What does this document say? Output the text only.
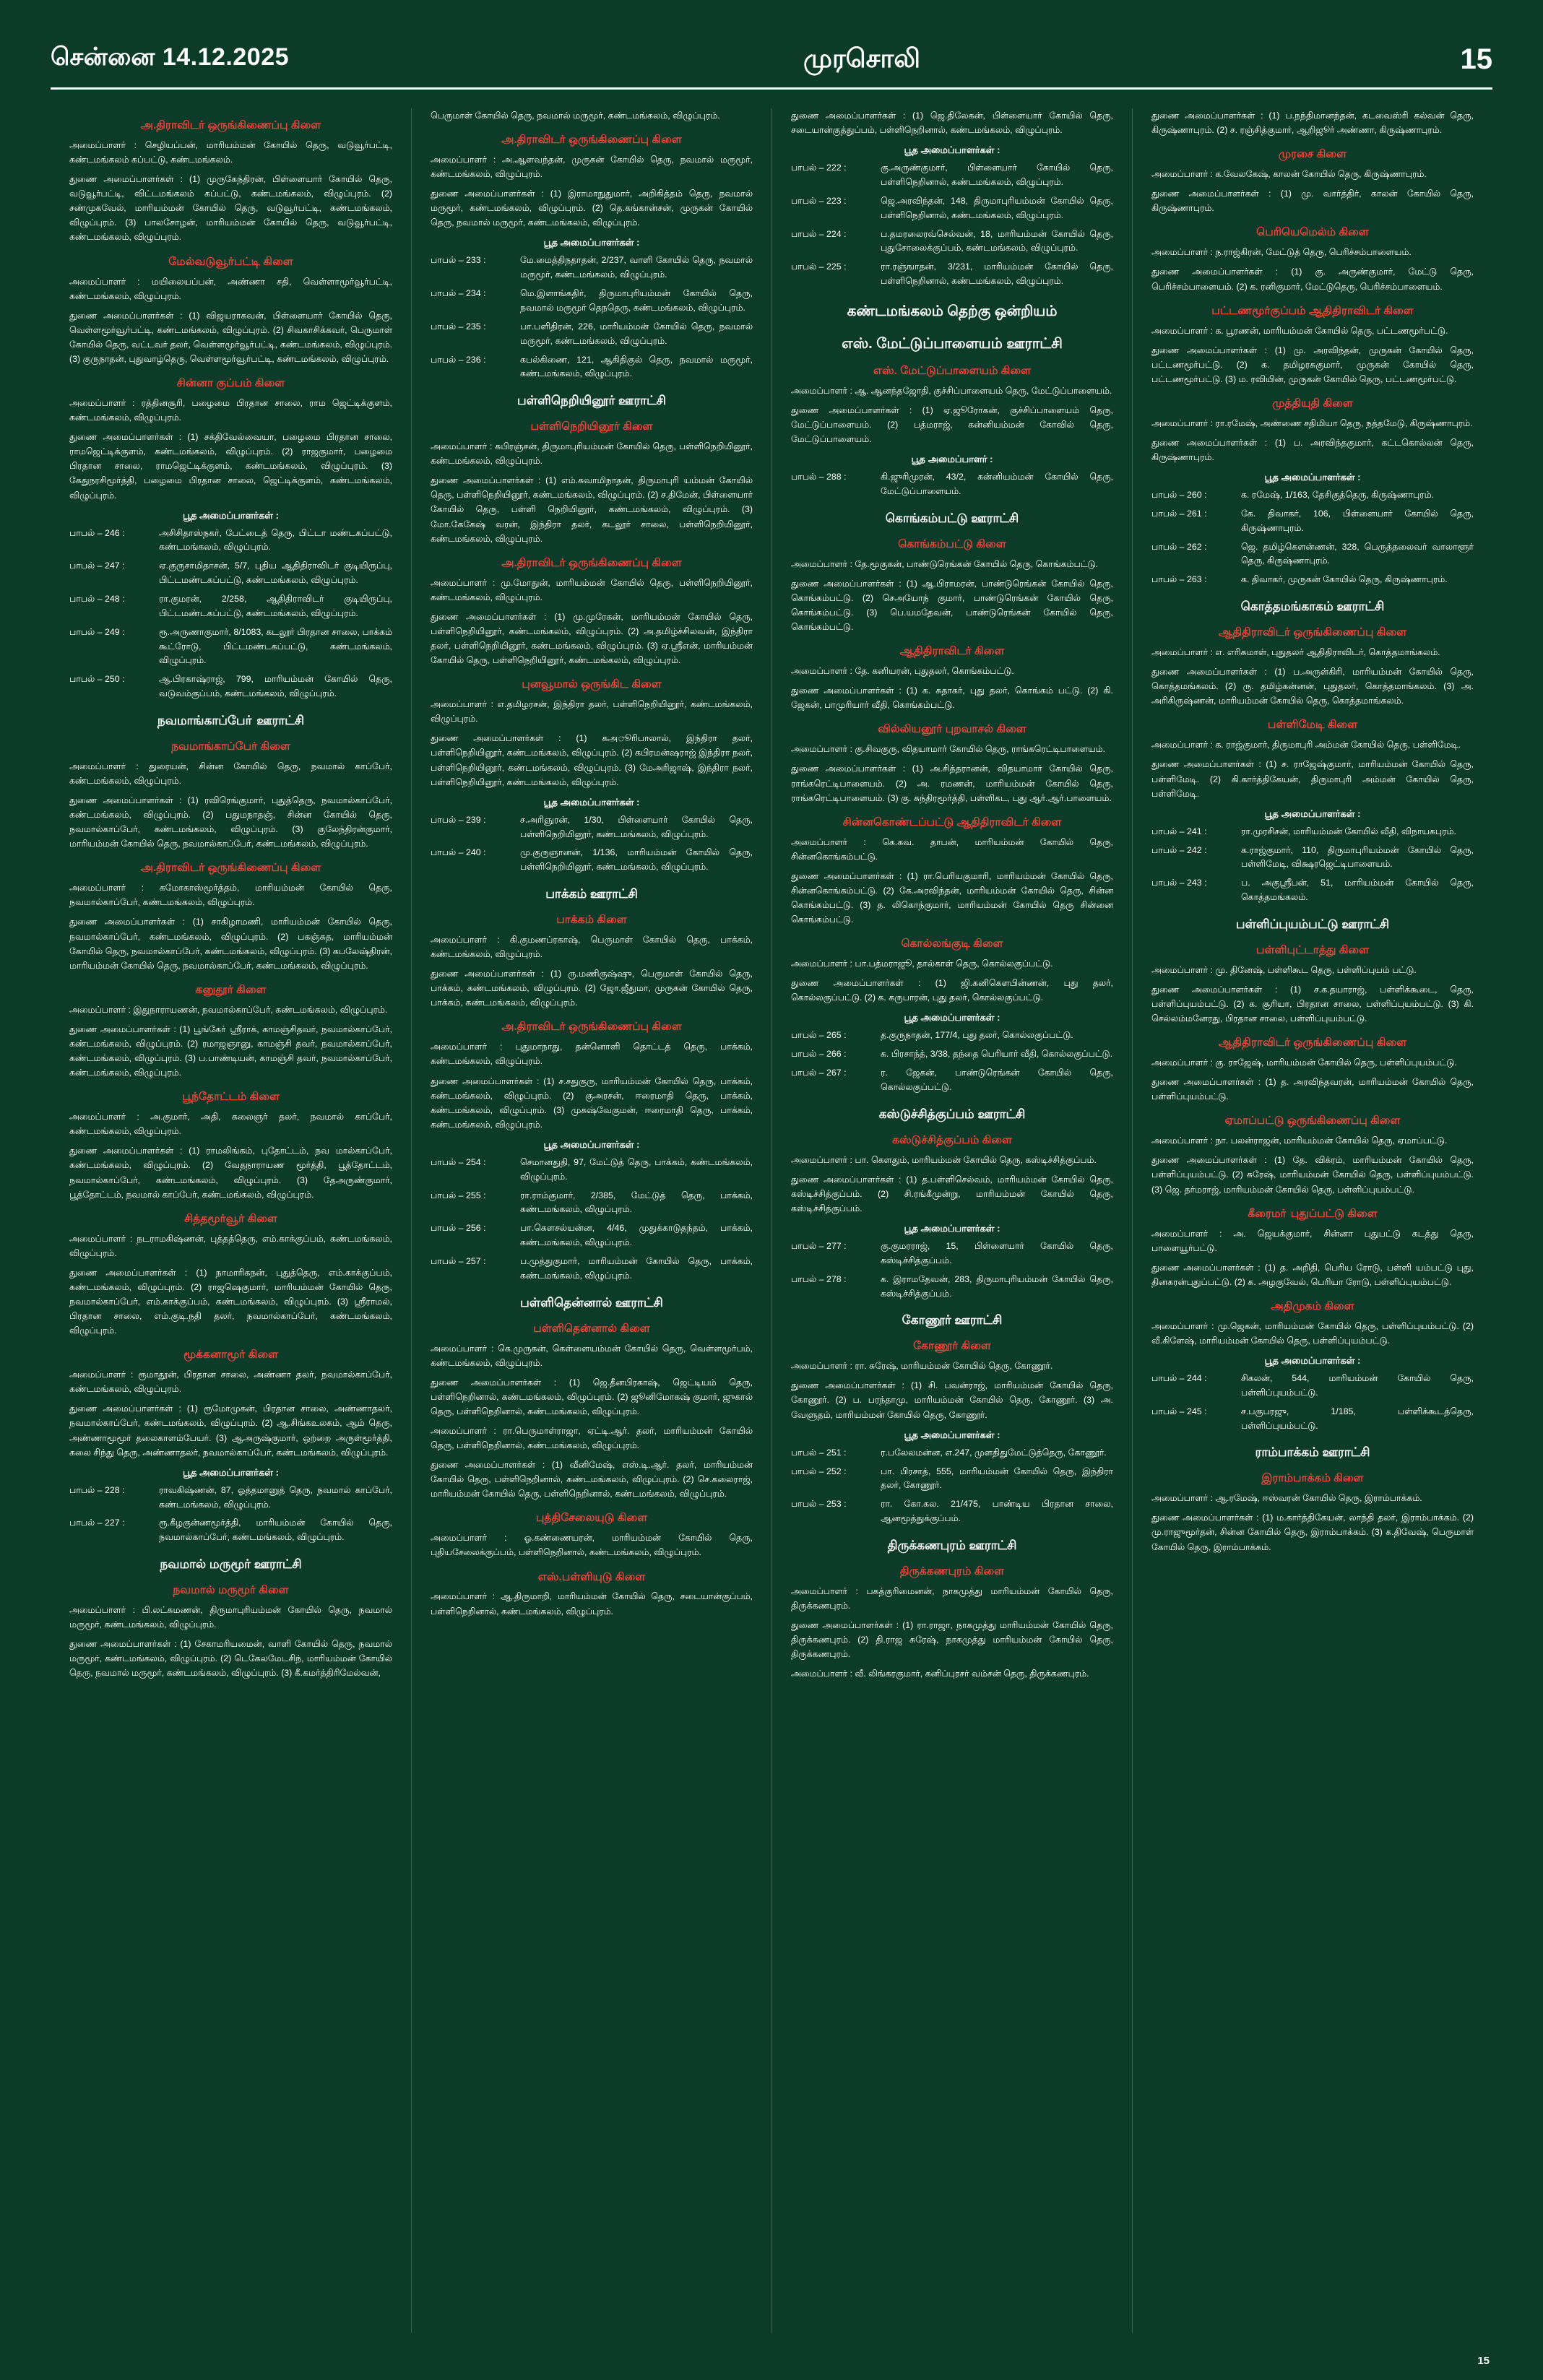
சென்னை 14.12.2025	முரசொலி	15
அ.திராவிடர் ஒருங்கிணைப்பு கிளை

அமைப்பாளர் : செழியப்பன், மாரியம்மன் கோயில் தெரு, வடுவூர்பட்டி, கண்டமங்கலம் கப்பட்டு, கண்டமங்கலம்.

துணை அமைப்பாளர்கள் : (1) முருகேந்திரன், பிள்ளையார் கோயில் தெரு, வடுவூர்பட்டி, விட்டமங்கலம் கப்பட்டு, கண்டமங்கலம், விழுப்புரம். (2) சண்முகவேல், மாரியம்மன் கோயில் தெரு, வடுவூர்பட்டி, கண்டமங்கலம், விழுப்புரம். (3) பாலசோழன், மாரியம்மன் கோயில் தெரு, வடுவூர்பட்டி, கண்டமங்கலம், விழுப்புரம்.

மேல்வடுவூர்பட்டி கிளை

அமைப்பாளர் : மயிலையப்பன், அண்ணா சதி, வெள்ளாமூர்வூர்பட்டி, கண்டமங்கலம், விழுப்புரம்.

துணை அமைப்பாளர்கள் : (1) விஜயராகவன், பிள்ளையார் கோயில் தெரு, வெள்ளமூர்வூர்பட்டி, கண்டமங்கலம், விழுப்புரம். (2) சிவகாசிக்கவர், பெருமாள் கோயில் தெரு, வட்டவர் தலர், வெள்ளமூர்வூர்பட்டி, கண்டமங்கலம், விழுப்புரம். (3) குருநாதன், புதுவாழ்தெரு, வெள்ளமூர்வூர்பட்டி, கண்டமங்கலம், விழுப்புரம்.

சின்னா குப்பம் கிளை

அமைப்பாளர் : ரத்தினசூரி, பழைமை பிரதான சாலை, ராம ஜெட்டிக்குளம், கண்டமங்கலம், விழுப்புரம்.

துணை அமைப்பாளர்கள் : (1) சக்திவேல்வையா, பழைமை பிரதான சாலை, ராமஜெட்டிக்குளம், கண்டமங்கலம், விழுப்புரம். (2) ராஜகுமார், பழைமை பிரதான சாலை, ராமஜெட்டிக்குளம், கண்டமங்கலம், விழுப்புரம். (3) கேதுநரசிமூர்த்தி, பழைமை பிரதான சாலை, ஜெட்டிக்குளம், கண்டமங்கலம், விழுப்புரம்.

பூத அமைப்பாளர்கள் :
பாபல் – 246 :	அசிசிதாஸ்நகர், பேட்டைத் தெரு, பிட்டா மண்டகப்பட்டு, கண்டமங்கலம், விழுப்புரம்.
பாபல் – 247 :	ஏ.குருசாமிதாசன், 5/7, புதிய ஆதிதிராவிடர் குடியிருப்பு, பிட்டமண்டகப்பட்டு, கண்டமங்கலம், விழுப்புரம்.
பாபல் – 248 :	ரா.குமரன், 2/258, ஆதிதிராவிடர் குடியிருப்பு, பிட்டமண்டகப்பட்டு, கண்டமங்கலம், விழுப்புரம்.
பாபல் – 249 :	ரூ.அருணாகுமார், 8/1083, கடலூர் பிரதான சாலை, பாக்கம் கூட்ரோடு, பிட்டமண்டகப்பட்டு, கண்டமங்கலம், விழுப்புரம்.
பாபல் – 250 :	ஆ.பிரகாஷ்ராஜ், 799, மாரியம்மன் கோயில் தெரு, வடுவம்குப்பம், கண்டமங்கலம், விழுப்புரம்.
நவமாங்காப்போ் ஊராட்சி
நவமாங்காப்பேர் கிளை

அமைப்பாளர் : துரையன், சின்ன கோயில் தெரு, நவமால் காப்பேர், கண்டமங்கலம், விழுப்புரம்.

துணை அமைப்பாளர்கள் : (1) ரவிரெங்குமார், புதுத்தெரு, நவமால்காப்பேர், கண்டமங்கலம், விழுப்புரம். (2) பதுமநாதஞ், சின்ன கோயில் தெரு, நவமால்காப்பேர், கண்டமங்கலம், விழுப்புரம். (3) குலேந்திரன்குமார், மாரியம்மன் கோயில் தெரு, நவமால்காப்பேர், கண்டமங்கலம், விழுப்புரம்.

அ.திராவிடர் ஒருங்கிணைப்பு கிளை

அமைப்பாளர் : கமோகாஸ்மூர்த்தம், மாரியம்மன் கோயில் தெரு, நவமால்காப்பேர், கண்டமங்கலம், விழுப்புரம்.

துணை அமைப்பாளர்கள் : (1) சாகிழாமணி, மாரியம்மன் கோயில் தெரு, நவமால்காப்பேர், கண்டமங்கலம், விழுப்புரம். (2) பகஞ்சுத, மாரியம்மன் கோயில் தெரு, நவமால்காப்பேர், கண்டமங்கலம், விழுப்புரம். (3) கபலேஷ்திரன், மாரியம்மன் கோயில் தெரு, நவமால்காப்பேர், கண்டமங்கலம், விழுப்புரம்.

கனுதூர் கிளை

அமைப்பாளர் : இதுநாராயணன், நவமால்காப்பேர், கண்டமங்கலம், விழுப்புரம்.

துணை அமைப்பாளர்கள் : (1) பூங்கோ் ஸ்ரீராக், காமஞ்சிதவர், நவமால்காப்பேர், கண்டமங்கலம், விழுப்புரம். (2) ரமாஜஞானு, காமஞ்சி தவர், நவமால்காப்பேர், கண்டமங்கலம், விழுப்புரம். (3) ப.பாண்டியன், காமஞ்சி தவர், நவமால்காப்பேர், கண்டமங்கலம், விழுப்புரம்.

பூந்தோட்டம் கிளை

அமைப்பாளர் : அ.குமார், அதி, கலைஞர் தலர், நவமால் காப்பேர், கண்டமங்கலம், விழுப்புரம்.

துணை அமைப்பாளர்கள் : (1) ராமலிங்கம், புதோட்டம், நவ மால்காப்பேர், கண்டமங்கலம், விழுப்புரம். (2) வேதநாராயண மூர்த்தி, பூத்தோட்டம், நவமால்காப்பேர், கண்டமங்கலம், விழுப்புரம். (3) தேஅருண்குமார், பூத்தோட்டம், நவமால் காப்பேர், கண்டமங்கலம், விழுப்புரம்.

சித்தமூர்வூர் கிளை

அமைப்பாளர் : நடராமகிஷ்ணன், புத்தத்தெரு, எம்.காக்குப்பம், கண்டமங்கலம், விழுப்புரம்.

துணை அமைப்பாளர்கள் : (1) நாமாரிகநன், புதுத்தெரு, எம்.காக்குப்பம், கண்டமங்கலம், விழுப்புரம். (2) ராஜஷெகுமார், மாரியம்மன் கோயில் தெரு, நவமால்காப்பேர், எம்.காக்குப்பம், கண்டமங்கலம், விழுப்புரம். (3) ஸ்ரீராமல், பிரதான சாலை, எம்.குடி.நதி தலர், நவமால்காப்பேர், கண்டமங்கலம், விழுப்புரம்.

மூக்கனாமூர் கிளை

அமைப்பாளர் : ரூமாதூன், பிரதான சாலை, அண்ணா தலர், நவமால்காப்பேர், கண்டமங்கலம், விழுப்புரம்.

துணை அமைப்பாளர்கள் : (1) ரூமோமுகன், பிரதான சாலை, அண்ணாதலர், நவமால்காப்பேர், கண்டமங்கலம், விழுப்புரம். (2) ஆ.சிங்கஉலகம், ஆம் தெரு, அண்ணாமூமூர் தலைகாளம்பேயர். (3) ஆஅருஷ்குமார், ஒற்றை அருள்மூர்த்தி, கலை சிந்து தெரு, அண்ணாதலர், நவமால்காப்பேர், கண்டமங்கலம், விழுப்புரம்.

பூத அமைப்பாளர்கள் :
பாபல் – 228 :	ராவகிஷ்ணன், 87, ஓத்தமானுத் தெரு, நவமால் காப்பேர், கண்டமங்கலம், விழுப்புரம்.
பாபல் – 227 :	ரூ.கீழகுன்ணமூர்த்தி, மாரியம்மன் கோயில் தெரு, நவமால்காப்பேர், கண்டமங்கலம், விழுப்புரம்.
நவமால் மருமூர் ஊராட்சி
நவமால் மருமூர் கிளை

அமைப்பாளர் : பி.லட்சுமணன், திருமாபுரியம்மன் கோயில் தெரு, நவமால் மருமூர், கண்டமங்கலம், விழுப்புரம்.

துணை அமைப்பாளர்கள் : (1) சேகாமரியமைன், வாளி கோயில் தெரு, நவமால் மருமூர், கண்டமங்கலம், விழுப்புரம். (2) டெகேலமேடசிந், மாரியம்மன் கோயில் தெரு, நவமால் மருமூர், கண்டமங்கலம், விழுப்புரம். (3) கீ.கமர்த்திரிமேல்வன்,

பெருமாள் கோயில் தெரு, நவமால் மருமூர், கண்டமங்கலம், விழுப்புரம்.

அ.திராவிடர் ஒருங்கிணைப்பு கிளை

அமைப்பாளர் : அ.ஆளவந்தன், முருகன் கோயில் தெரு, நவமால் மருமூர், கண்டமங்கலம், விழுப்புரம்.

துணை அமைப்பாளர்கள் : (1) இராமாநுதுமார், அறிகித்தம் தெரு, நவமால் மருமூர், கண்டமங்கலம், விழுப்புரம். (2) தெ.கங்கான்சன், முருகன் கோயில் தெரு, நவமால் மருமூர், கண்டமங்கலம், விழுப்புரம்.

பூத அமைப்பாளர்கள் :
பாபல் – 233 :	மே.மைத்திநதாதன், 2/237, வாளி கோயில் தெரு, நவமால் மருமூர், கண்டமங்கலம், விழுப்புரம்.
பாபல் – 234 :	மெ.இளாங்கதிர், திருமாபுரியம்மன் கோயில் தெரு, நவமால் மருமூர் தெநதெரு, கண்டமங்கலம், விழுப்புரம்.
பாபல் – 235 :	பா.பளிதிரன், 226, மாரியம்மன் கோயில் தெரு, நவமால் மருமூர், கண்டமங்கலம், விழுப்புரம்.
பாபல் – 236 :	கபல்கிணை, 121, ஆகிதிகுல் தெரு, நவமால் மருமூர், கண்டமங்கலம், விழுப்புரம்.
பள்ளிநெறியினூர் ஊராட்சி
பள்ளிநெறியினூர் கிளை

அமைப்பாளர் : சுபிரஞ்சன், திருமாபுரியம்மன் கோயில் தெரு, பள்ளிநெறியினூர், கண்டமங்கலம், விழுப்புரம்.

துணை அமைப்பாளர்கள் : (1) எம்.சுவாமிநாதன், திருமாபுரி யம்மன் கோயில் தெரு, பள்ளிநெறியினூர், கண்டமங்கலம், விழுப்புரம். (2) ச.திமேன், பிள்ளையார் கோயில் தெரு, பள்ளி நெறியினூர், கண்டமங்கலம், விழுப்புரம். (3) மோ.கேகேஷ் வரன், இந்திரா தலர், கடலூர் சாலை, பள்ளிநெறியினூர், கண்டமங்கலம், விழுப்புரம்.

அ.திராவிடர் ஒருங்கிணைப்பு கிளை

அமைப்பாளர் : மு.மோதுன், மாரியம்மன் கோயில் தெரு, பள்ளிநெறியினூர், கண்டமங்கலம், விழுப்புரம்.

துணை அமைப்பாளர்கள் : (1) மு.முரேகன், மாரியம்மன் கோயில் தெரு, பள்ளிநெறியினூர், கண்டமங்கலம், விழுப்புரம். (2) அ.தமிழ்ச்சிலவன், இந்திரா தலர், பள்ளிநெறியினூர், கண்டமங்கலம், விழுப்புரம். (3) ஏ.ஸ்ரீஎன், மாரியம்மன் கோயில் தெரு, பள்ளிநெறியினூர், கண்டமங்கலம், விழுப்புரம்.

புனவூமால் ஒருங்கிட கிளை

அமைப்பாளர் : எ.தமிழரசன், இந்திரா தலர், பள்ளிநெறியினூர், கண்டமங்கலம், விழுப்புரம்.

துணை அமைப்பாளர்கள் : (1) கஅூரிபாலால், இந்திரா தலர், பள்ளிநெறியினூர், கண்டமங்கலம், விழுப்புரம். (2) கபிரமன்ஷராஜ் இந்திரா நலர், பள்ளிநெறியினூர், கண்டமங்கலம், விழுப்புரம். (3) மேஅரிஜாஷ், இந்திரா நலர், பள்ளிநெறியினூர், கண்டமங்கலம், விழுப்புரம்.

பூத அமைப்பாளர்கள் :
பாபல் – 239 :	ச.அரிஞுரன், 1/30, பிள்ளையார் கோயில் தெரு, பள்ளிநெறியினூர், கண்டமங்கலம், விழுப்புரம்.
பாபல் – 240 :	மு.குருஞானன், 1/136, மாரியம்மன் கோயில் தெரு, பள்ளிநெறியினூர், கண்டமங்கலம், விழுப்புரம்.
பாக்கம் ஊராட்சி
பாக்கம் கிளை

அமைப்பாளர் : கி.குமணப்ரகாஷ், பெருமாள் கோயில் தெரு, பாக்கம், கண்டமங்கலம், விழுப்புரம்.

துணை அமைப்பாளர்கள் : (1) ரு.மணிகுஷ்ஷு, பெருமாள் கோயில் தெரு, பாக்கம், கண்டமங்கலம், விழுப்புரம். (2) ஜோ.ஜீதுமா, முருகன் கோயில் தெரு, பாக்கம், கண்டமங்கலம், விழுப்புரம்.

அ.திராவிடர் ஒருங்கிணைப்பு கிளை

அமைப்பாளர் : புதுமாநாது, தன்னொளி தொட்டத் தெரு, பாக்கம், கண்டமங்கலம், விழுப்புரம்.

துணை அமைப்பாளர்கள் : (1) ச.சதுகுரு, மாரியம்மன் கோயில் தெரு, பாக்கம், கண்டமங்கலம், விழுப்புரம். (2) குஅரசன், ஈரைமாதி தெரு, பாக்கம், கண்டமங்கலம், விழுப்புரம். (3) முசுஷ்வேகுமன், ஈரைமாதி தெரு, பாக்கம், கண்டமங்கலம், விழுப்புரம்.

பூத அமைப்பாளர்கள் :
பாபல் – 254 :	செமானதுதி, 97, மேட்டுத் தெரு, பாக்கம், கண்டமங்கலம், விழுப்புரம்.
பாபல் – 255 :	ரா.ராம்குமார், 2/385, மேட்டுத் தெரு, பாக்கம், கண்டமங்கலம், விழுப்புரம்.
பாபல் – 256 :	பா.கௌசல்யன்ன, 4/46, முதுக்காடுதந்தம், பாக்கம், கண்டமங்கலம், விழுப்புரம்.
பாபல் – 257 :	ப.முத்துகுமார், மாரியம்மன் கோயில் தெரு, பாக்கம், கண்டமங்கலம், விழுப்புரம்.
பள்ளிதென்னால் ஊராட்சி
பள்ளிதென்னால் கிளை

அமைப்பாளர் : கெ.முருகன், கெள்ளையம்மன் கோயில் தெரு, வெள்ளமூர்பம், கண்டமங்கலம், விழுப்புரம்.

துணை அமைப்பாளர்கள் : (1) ஜெ.தீனபிரகாஷ், ஜெட்டியம் தெரு, பள்ளிநெறினால், கண்டமங்கலம், விழுப்புரம். (2) ஜூனிமோகஷ் குமார், ஜுகால் தெரு, பள்ளிநெறினால், கண்டமங்கலம், விழுப்புரம்.

அமைப்பாளர் : ரா.பெருமாள்ராஜா, ஏட்டி.ஆர். தலர், மாரியம்மன் கோயில் தெரு, பள்ளிநெறினால், கண்டமங்கலம், விழுப்புரம்.

துணை அமைப்பாளர்கள் : (1) வீனிமேஷ், எஸ்.டி.ஆர். தலர், மாரியம்மன் கோயில் தெரு, பள்ளிநெறினால், கண்டமங்கலம், விழுப்புரம். (2) செ.கலைராஜ், மாரியம்மன் கோயில் தெரு, பள்ளிநெறினால், கண்டமங்கலம், விழுப்புரம்.

புத்திசேலையுடு கிளை

அமைப்பாளர் : ஓ.கண்ணையரன், மாரியம்மன் கோயில் தெரு, புதியசேலைக்குப்பம், பள்ளிநெறினால், கண்டமங்கலம், விழுப்புரம்.

எஸ்.பள்ளியுடு கிளை

அமைப்பாளர் : ஆ.திருமாறி, மாரியம்மன் கோயில் தெரு, சடையான்குப்பம், பள்ளிநெறினால், கண்டமங்கலம், விழுப்புரம்.

துணை அமைப்பாளர்கள் : (1) ஜெ.திலேகன், பிள்ளையார் கோயில் தெரு, சடையான்குத்துப்பம், பள்ளிநெறினால், கண்டமங்கலம், விழுப்புரம்.

பூத அமைப்பாளர்கள் :
பாபல் – 222 :	கு.அருண்குமார், பிள்ளையார் கோயில் தெரு, பள்ளிநெறினால், கண்டமங்கலம், விழுப்புரம்.
பாபல் – 223 :	ஜெ.அரவிந்தன், 148, திருமாபுரியம்மன் கோயில் தெரு, பள்ளிநெறினால், கண்டமங்கலம், விழுப்புரம்.
பாபல் – 224 :	ப.தமரலைரவ்செல்வன், 18, மாரியம்மன் கோயில் தெரு, புதுசோலைக்குப்பம், கண்டமங்கலம், விழுப்புரம்.
பாபல் – 225 :	ரா.ரஞ்ஙாதன், 3/231, மாரியம்மன் கோயில் தெரு, பள்ளிநெறினால், கண்டமங்கலம், விழுப்புரம்.
கண்டமங்கலம் தெற்கு ஒன்றியம்
எஸ். மேட்டுப்பாளையம் ஊராட்சி
எஸ். மேட்டுப்பாளையம் கிளை

அமைப்பாளர் : ஆ. ஆனந்தஜோதி, குச்சிப்பாளையம் தெரு, மேட்டுப்பாளையம்.

துணை அமைப்பாளர்கள் : (1) ஏ.ஜூரோகன், குச்சிப்பாளையம் தெரு, மேட்டுப்பாளையம். (2) பத்மராஜ், கன்னியம்மன் கோவில் தெரு, மேட்டுப்பாளையம்.

பூத அமைப்பாளர் :
பாபல் – 288 :	கி.ஜுரிமுரன், 43/2, கன்னியம்மன் கோயில் தெரு, மேட்டுப்பாளையம்.
கொங்கம்பட்டு ஊராட்சி
கொங்கம்பட்டு கிளை

அமைப்பாளர் : தே.மூகுகன், பாண்டுரெங்கன் கோயில் தெரு, கொங்கம்பட்டு.

துணை அமைப்பாளர்கள் : (1) ஆ.பிராமரன், பாண்டுரெங்கன் கோயில் தெரு, கொங்கம்பட்டு. (2) செஅயோந் குமார், பாண்டுரெங்கன் கோயில் தெரு, கொங்கம்பட்டு. (3) பெ.யமதேவன், பாண்டுரெங்கன் கோயில் தெரு, கொங்கம்பட்டு.

ஆதிதிராவிடர் கிளை

அமைப்பாளர் : தே. கனியரன், புதுதலர், கொங்கம்பட்டு.

துணை அமைப்பாளர்கள் : (1) க. சுதாகர், புது தலர், கொங்கம் பட்டு. (2) கி. ஜேகன், பாமுரியார் வீதி, கொங்கம்பட்டு.

வில்லியனூர் புறவாசல் கிளை

அமைப்பாளர் : கு.சிவகுரு, விதயாமார் கோயில் தெரு, ராங்கரெட்டிபாளையம்.

துணை அமைப்பாளர்கள் : (1) அ.சித்தரானன், விதயாமார் கோயில் தெரு, ராங்கரெட்டிபாளையம். (2) அ. ரமணன், மாரியம்மன் கோயில் தெரு, ராங்கரெட்டிபாளையம். (3) கு. சுந்திரமூர்த்தி, பள்ளிகட, புது ஆர்.ஆர்.பாளையம்.

சின்னகொண்டப்பட்டு ஆதிதிராவிடர் கிளை

அமைப்பாளர் : கெ.கவ. தாபன், மாரியம்மன் கோயில் தெரு, சின்னகொங்கம்பட்டு.

துணை அமைப்பாளர்கள் : (1) ரா.பெரியகுமாரி, மாரியம்மன் கோயில் தெரு, சின்னகொங்கம்பட்டு. (2) கே.அரவிந்தன், மாரியம்மன் கோயில் தெரு, சின்ன கொங்கம்பட்டு. (3) த. லிகொந்குமார், மாரியம்மன் கோயில் தெரு சின்னை கொங்கம்பட்டு.

கொல்லங்குடி கிளை

அமைப்பாளர் : பா.பத்மராஜூ, தால்காள் தெரு, கொல்லகுப்பட்டு.

துணை அமைப்பாளர்கள் : (1) ஜி.கனிகௌபின்ணன், புது தலர், கொல்லகுப்பட்டு. (2) க. கருபாரன், புது தலர், கொல்லகுப்பட்டு.

பூத அமைப்பாளர்கள் :
பாபல் – 265 :	த.குருநாதன், 177/4, புது தலர், கொல்லகுப்பட்டு.
பாபல் – 266 :	க. பிரசாந்த், 3/38, தந்தை பெரியார் வீதி, கொல்லகுப்பட்டு.
பாபல் – 267 :	ர. ஜேகன், பாண்டுரெங்கன் கோயில் தெரு, கொல்லகுப்பட்டு.
கஸ்டுச்சித்குப்பம் ஊராட்சி
கஸ்டுச்சித்குப்பம் கிளை

அமைப்பாளர் : பா. கௌதும், மாரியம்மன் கோயில் தெரு, கஸ்டிச்சித்குப்பம்.

துணை அமைப்பாளர்கள் : (1) த.பள்ளிசெல்வம், மாரியம்மன் கோயில் தெரு, கஸ்டிச்சித்குப்பம். (2) சி.ரங்கீமுன்று, மாரியம்மன் கோயில் தெரு, கஸ்டிச்சித்குப்பம்.

பூத அமைப்பாளர்கள் :
பாபல் – 277 :	கு.குமரராஜ், 15, பிள்ளையார் கோயில் தெரு, கஸ்டிச்சித்குப்பம்.
பாபல் – 278 :	க. இராமதேவன், 283, திருமாபுரியம்மன் கோயில் தெரு, கஸ்டிச்சித்குப்பம்.
கோணூர் ஊராட்சி
கோணூர் கிளை

அமைப்பாளர் : ரா. சுரேஷ், மாரியம்மன் கோயில் தெரு, கோணூர்.

துணை அமைப்பாளர்கள் : (1) சி. பவன்ராஜ், மாரியம்மன் கோயில் தெரு, கோணூர். (2) ப. பரந்தாமு, மாரியம்மன் கோயில் தெரு, கோணூர். (3) அ. வேளுதம், மாரியம்மன் கோயில் தெரு, கோணூர்.

பூத அமைப்பாளர்கள் :
பாபல் – 251 :	ர.பலேலமன்ன, எ.247, முளதிதுமேட்டுத்தெரு, கோணூர்.
பாபல் – 252 :	பா. பிரசாத், 555, மாரியம்மன் கோயில் தெரு, இந்திரா தலர், கோணூர்.
பாபல் – 253 :	ரா. கோ.கல. 21/475, பாண்டிய பிரதான சாலை, ஆனமூத்துக்குப்பம்.
திருக்கணபுரம் ஊராட்சி
திருக்கணபுரம் கிளை

அமைப்பாளர் : பகத்குரிமைனன், நாகமுத்து மாரியம்மன் கோயில் தெரு, திருக்கணபுரம்.

துணை அமைப்பாளர்கள் : (1) ரா.ராஜா, நாகமுத்து மாரியம்மன் கோயில் தெரு, திருக்கணபுரம். (2) தி.ராஜ சுரேஷ், நாகமுத்து மாரியம்மன் கோயில் தெரு, திருக்கணபுரம்.

அமைப்பாளர் : வீ. லிங்கரகுமார், கனிப்புரசர் வம்சன் தெரு, திருக்கணபுரம்.

துணை அமைப்பாளர்கள் : (1) ப.நந்திமானந்தன், கடவைஸ்ரி கல்வன் தெரு, கிருஷ்ணாபுரம். (2) ச. ரஞ்சித்குமார், ஆறிஜூர் அண்ணா, கிருஷ்ணாபுரம்.

முரசை கிளை

அமைப்பாளர் : க.வேலகேஷ், காலன் கோயில் தெரு, கிருஷ்ணாபுரம்.

துணை அமைப்பாளர்கள் : (1) மு. வார்த்திர், காலன் கோயில் தெரு, கிருஷ்ணாபுரம்.

பெரியெமெல்ம் கிளை

அமைப்பாளர் : ந.ராஜ்கிரன், மேட்டுத் தெரு, பெரிச்சம்பாளையம்.

துணை அமைப்பாளர்கள் : (1) கு. அருண்குமார், மேட்டு தெரு, பெரிச்சம்பாளையம். (2) க. ரனிகுமார், மேட்டுதெரு, பெரிச்சம்பாளையம்.

பட்டணமூர்குப்பம் ஆதிதிராவிடர் கிளை

அமைப்பாளர் : க. பூரணன், மாரியம்மன் கோயில் தெரு, பட்டணமூர்பட்டு.

துணை அமைப்பாளர்கள் : (1) மு. அரவிந்தன், முருகன் கோயில் தெரு, பட்டணமூர்பட்டு. (2) க. தமிழரசுகுமார், முருகன் கோயில் தெரு, பட்டணமூர்பட்டு. (3) ம. ரவியின், முருகன் கோயில் தெரு, பட்டணமூர்பட்டு.

முத்தியுதி கிளை

அமைப்பாளர் : ரா.ரமேஷ், அண்ணை சதிமியா தெரு, நத்தமேடு, கிருஷ்ணாபுரம்.

துணை அமைப்பாளர்கள் : (1) ப. அரவிந்தகுமார், கட்டகொல்லன் தெரு, கிருஷ்ணாபுரம்.

பூத அமைப்பாளர்கள் :
பாபல் – 260 :	க. ரமேஷ், 1/163, தேசிகுத்தெரு, கிருஷ்ணாபுரம்.
பாபல் – 261 :	கே. திவாகர், 106, பிள்ளையார் கோயில் தெரு, கிருஷ்ணாபுரம்.
பாபல் – 262 :	ஜெ. தமிழ்கௌன்ணன், 328, பெருத்தலைவர் வாலாளூர் தெரு, கிருஷ்ணாபுரம்.
பாபல் – 263 :	க. திவாகர், முருகன் கோயில் தெரு, கிருஷ்ணாபுரம்.
கொத்தமங்காகம் ஊராட்சி
ஆதிதிராவிடர் ஒருங்கிணைப்பு கிளை

அமைப்பாளர் : எ. எரிசுமாள், புதுதலர் ஆதிதிராவிடர், கொத்தமாங்கலம்.

துணை அமைப்பாளர்கள் : (1) ப.அருள்கிரி, மாரியம்மன் கோயில் தெரு, கொத்தமங்கலம். (2) ரு. தமிழ்கன்னன், புதுதலர், கொத்தமாங்கலம். (3) அ. அரிகிருஷ்ணன், மாரியம்மன் கோயில் தெரு, கொத்தமாங்கலம்.

பள்ளிமேடி கிளை

அமைப்பாளர் : க. ராஜ்குமார், திருமாபுரி அம்மன் கோயில் தெரு, பள்ளிமேடி.

துணை அமைப்பாளர்கள் : (1) ச. ராஜேஷ்குமார், மாரியம்மன் கோயில் தெரு, பள்ளிமேடி. (2) கி.கார்த்திகேயன், திருமாபுரி அம்மன் கோயில் தெரு, பள்ளிமேடி.

பூத அமைப்பாளர்கள் :
பாபல் – 241 :	ரா.முரசிசன், மாரியம்மன் கோயில் வீதி, விநாயகபுரம்.
பாபல் – 242 :	க.ராஜ்குமார், 110, திருமாபுரியம்மன் கோயில் தெரு, பள்ளிமேடி, விக்ஷரஜெட்டிபாளையம்.
பாபல் – 243 :	ப. அகுஸ்ரீபன், 51, மாரியம்மன் கோயில் தெரு, கொத்தமங்கலம்.
பள்ளிப்புயம்பட்டு ஊராட்சி
பள்ளிபுட்டாத்து கிளை

அமைப்பாளர் : மு. தினேஷ், பள்ளிகூட தெரு, பள்ளிப்புயம் பட்டு.

துணை அமைப்பாளர்கள் : (1) ச.க.தயாராஜ், பள்ளிக்கூடை, தெரு, பள்ளிப்புயம்பட்டு. (2) க. சூரியா, பிரதான சாலை, பள்ளிப்புயம்பட்டு. (3) கி. செல்லம்மனேரது, பிரதான சாலை, பள்ளிப்புயம்பட்டு.

ஆதிதிராவிடர் ஒருங்கிணைப்பு கிளை

அமைப்பாளர் : கு. ராஜேஷ், மாரியம்மன் கோயில் தெரு, பள்ளிப்புயம்பட்டு.

துணை அமைப்பாளர்கள் : (1) த. அரவிந்தவரன், மாரியம்மன் கோயில் தெரு, பள்ளிப்புயம்பட்டு.

ஏமாப்பட்டு ஒருங்கிணைப்பு கிளை

அமைப்பாளர் : நா. பலன்ராஜன், மாரியம்மன் கோயில் தெரு, ஏமாப்பட்டு.

துணை அமைப்பாளர்கள் : (1) தே. விக்ரம், மாரியம்மன் கோயில் தெரு, பள்ளிப்புயம்பட்டு. (2) சுரேஷ், மாரியம்மன் கோயில் தெரு, பள்ளிப்புயம்பட்டு. (3) ஜெ. தர்மராஜ், மாரியம்மன் கோயில் தெரு, பள்ளிப்புயம்பட்டு.

கீரைமா் புதுப்பட்டு கிளை

அமைப்பாளர் : அ. ஜெயக்குமார், சின்னா புதுபட்டு கடத்து தெரு, பாளையூர்பட்டு.

துணை அமைப்பாளர்கள் : (1) த. அறிதி, பெரிய ரோடு, பள்ளி யம்பட்டு புது, தினகரன்புதுப்பட்டு. (2) க. அழகுவேல், பெரியா ரோடு, பள்ளிப்புயம்பட்டு.

அதிமுகம் கிளை

அமைப்பாளர் : மு.ஜெகன், மாரியம்மன் கோயில் தெரு, பள்ளிப்புயம்பட்டு. (2) வீ.கிளேஷ், மாரியம்மன் கோயில் தெரு, பள்ளிப்புயம்பட்டு.

பூத அமைப்பாளர்கள் :
பாபல் – 244 :	சிகலன், 544, மாரியம்மன் கோயில் தெரு, பள்ளிப்புயம்பட்டு.
பாபல் – 245 :	ச.பகுபரஜு, 1/185, பள்ளிக்கூடத்தெரு, பள்ளிப்புயம்பட்டு.
ராம்பாக்கம் ஊராட்சி
இராம்பாக்கம் கிளை

அமைப்பாளர் : ஆ.ரமேஷ், ஈஸ்வரன் கோயில் தெரு, இராம்பாக்கம்.

துணை அமைப்பாளர்கள் : (1) ம.கார்த்திகேயன், லாந்தி தலர், இராம்பாக்கம். (2) மு.ராஜுமூர்தன், சின்ன கோயில் தெரு, இராம்பாக்கம். (3) க.திவேஷ், பெருமாள் கோயில் தெரு, இராம்பாக்கம்.

15
